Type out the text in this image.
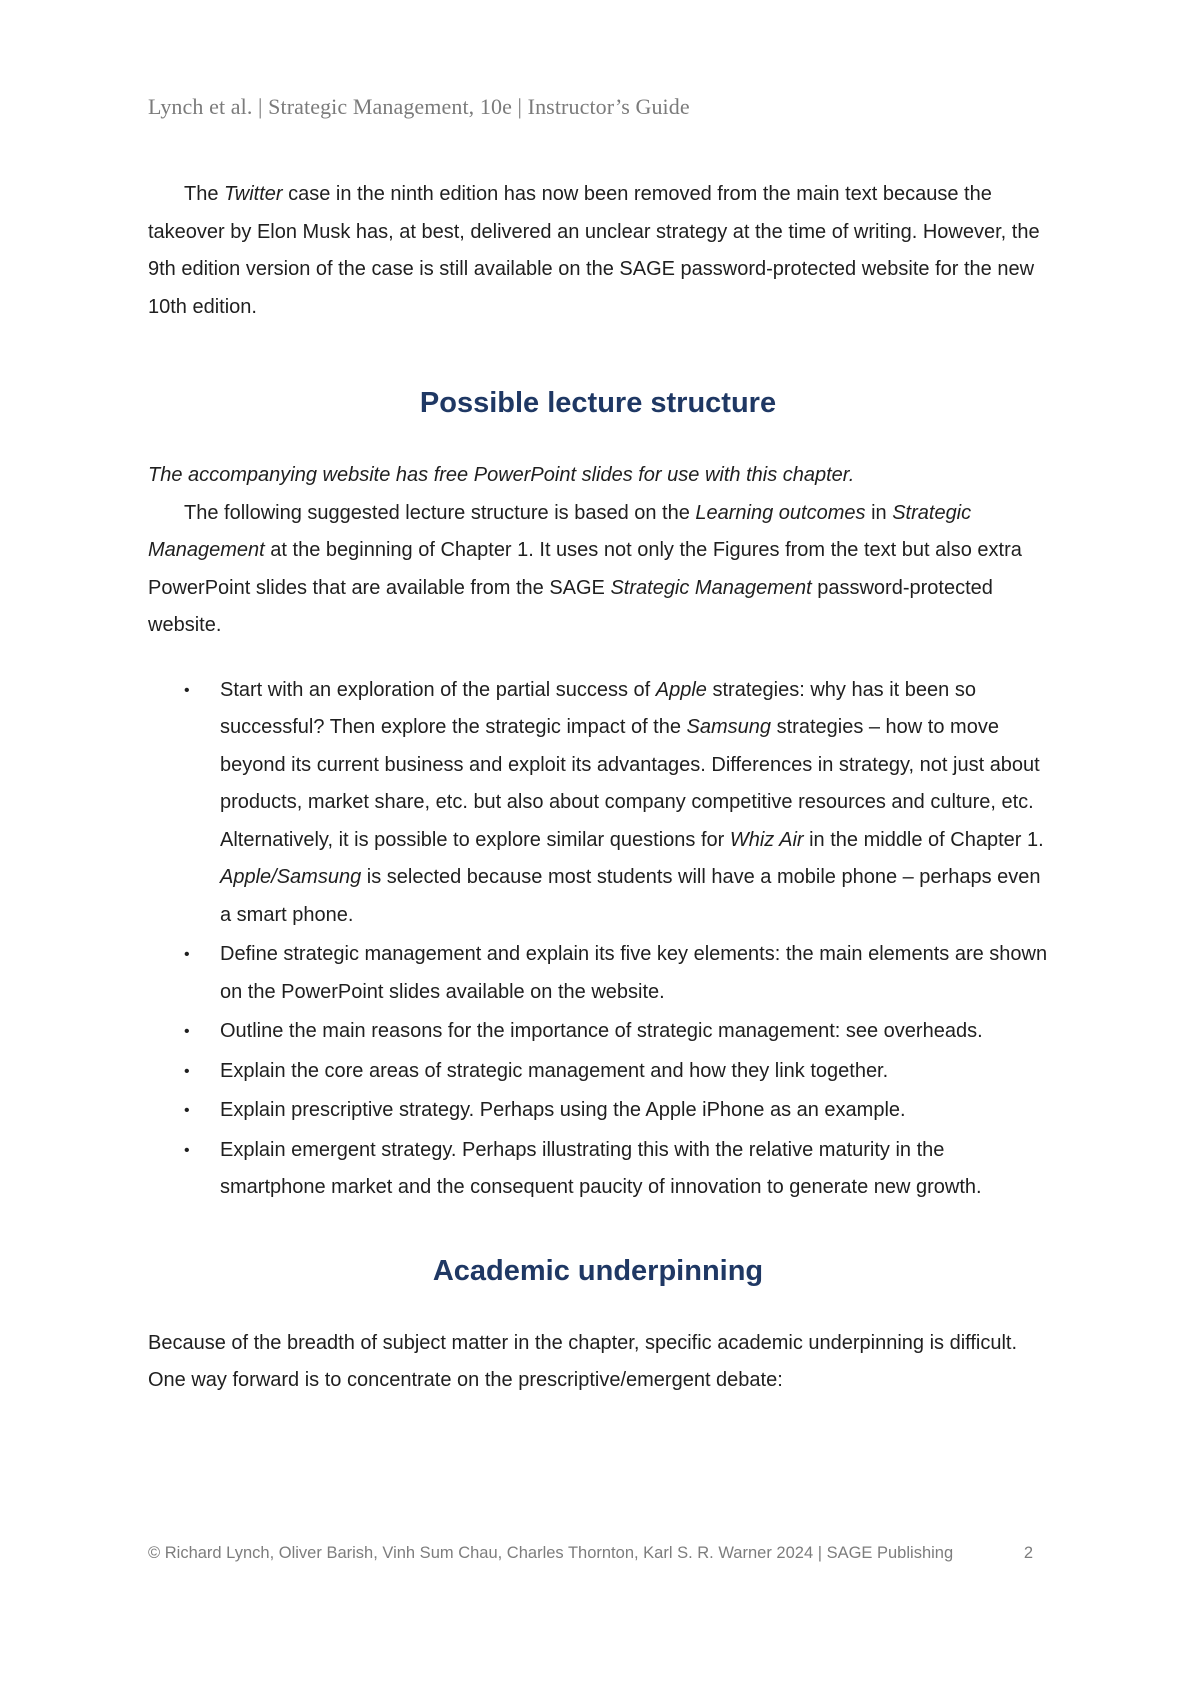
Lynch et al. | Strategic Management, 10e | Instructor’s Guide

The Twitter case in the ninth edition has now been removed from the main text because the takeover by Elon Musk has, at best, delivered an unclear strategy at the time of writing. However, the 9th edition version of the case is still available on the SAGE password-protected website for the new 10th edition.

Possible lecture structure

The accompanying website has free PowerPoint slides for use with this chapter.

The following suggested lecture structure is based on the Learning outcomes in Strategic Management at the beginning of Chapter 1. It uses not only the Figures from the text but also extra PowerPoint slides that are available from the SAGE Strategic Management password-protected website.

• Start with an exploration of the partial success of Apple strategies: why has it been so successful? Then explore the strategic impact of the Samsung strategies – how to move beyond its current business and exploit its advantages. Differences in strategy, not just about products, market share, etc. but also about company competitive resources and culture, etc. Alternatively, it is possible to explore similar questions for Whiz Air in the middle of Chapter 1. Apple/Samsung is selected because most students will have a mobile phone – perhaps even a smart phone.
• Define strategic management and explain its five key elements: the main elements are shown on the PowerPoint slides available on the website.
• Outline the main reasons for the importance of strategic management: see overheads.
• Explain the core areas of strategic management and how they link together.
• Explain prescriptive strategy. Perhaps using the Apple iPhone as an example.
• Explain emergent strategy. Perhaps illustrating this with the relative maturity in the smartphone market and the consequent paucity of innovation to generate new growth.
Academic underpinning

Because of the breadth of subject matter in the chapter, specific academic underpinning is difficult. One way forward is to concentrate on the prescriptive/emergent debate:

© Richard Lynch, Oliver Barish, Vinh Sum Chau, Charles Thornton, Karl S. R. Warner 2024 | SAGE Publishing	2
